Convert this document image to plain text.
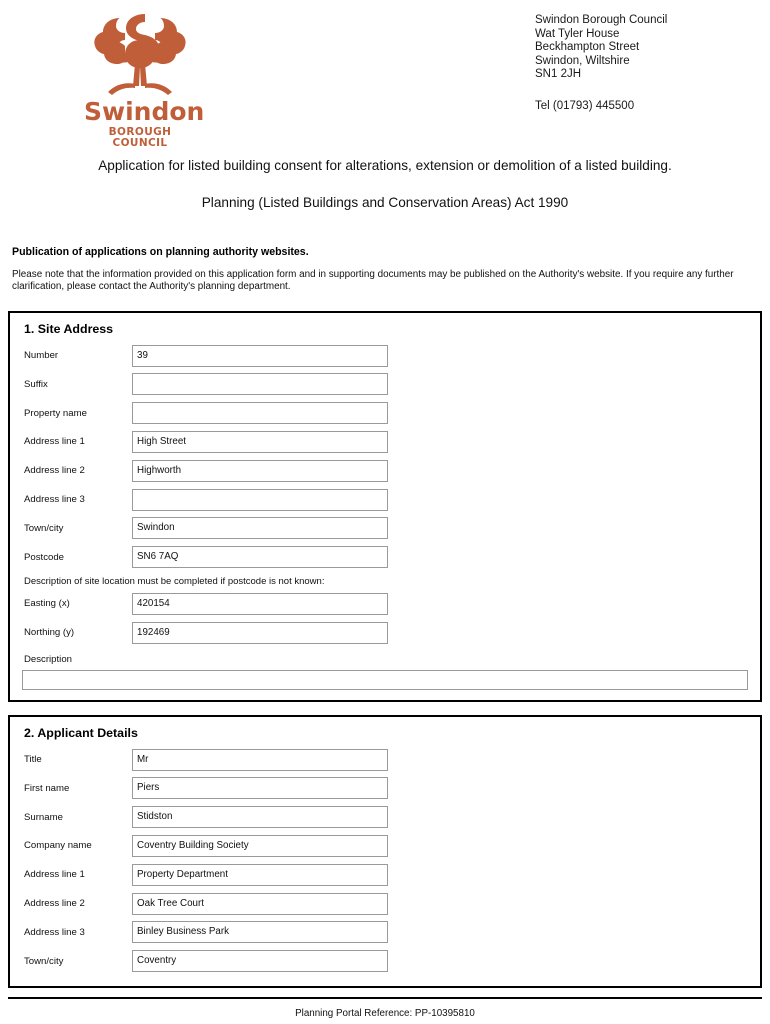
Swindon
BOROUGH COUNCIL
Swindon Borough Council
Wat Tyler House
Beckhampton Street
Swindon, Wiltshire
SN1 2JH
Tel (01793) 445500
Application for listed building consent for alterations, extension or demolition of a listed building.
Planning (Listed Buildings and Conservation Areas) Act 1990
Publication of applications on planning authority websites.
Please note that the information provided on this application form and in supporting documents may be published on the Authority's website. If you require any further clarification, please contact the Authority's planning department.
1. Site Address
Number	39
Suffix
Property name
Address line 1	High Street
Address line 2	Highworth
Address line 3
Town/city	Swindon
Postcode	SN6 7AQ
Description of site location must be completed if postcode is not known:
Easting (x)	420154
Northing (y)	192469
Description
2. Applicant Details
Title	Mr
First name	Piers
Surname	Stidston
Company name	Coventry Building Society
Address line 1	Property Department
Address line 2	Oak Tree Court
Address line 3	Binley Business Park
Town/city	Coventry
Planning Portal Reference: PP-10395810
